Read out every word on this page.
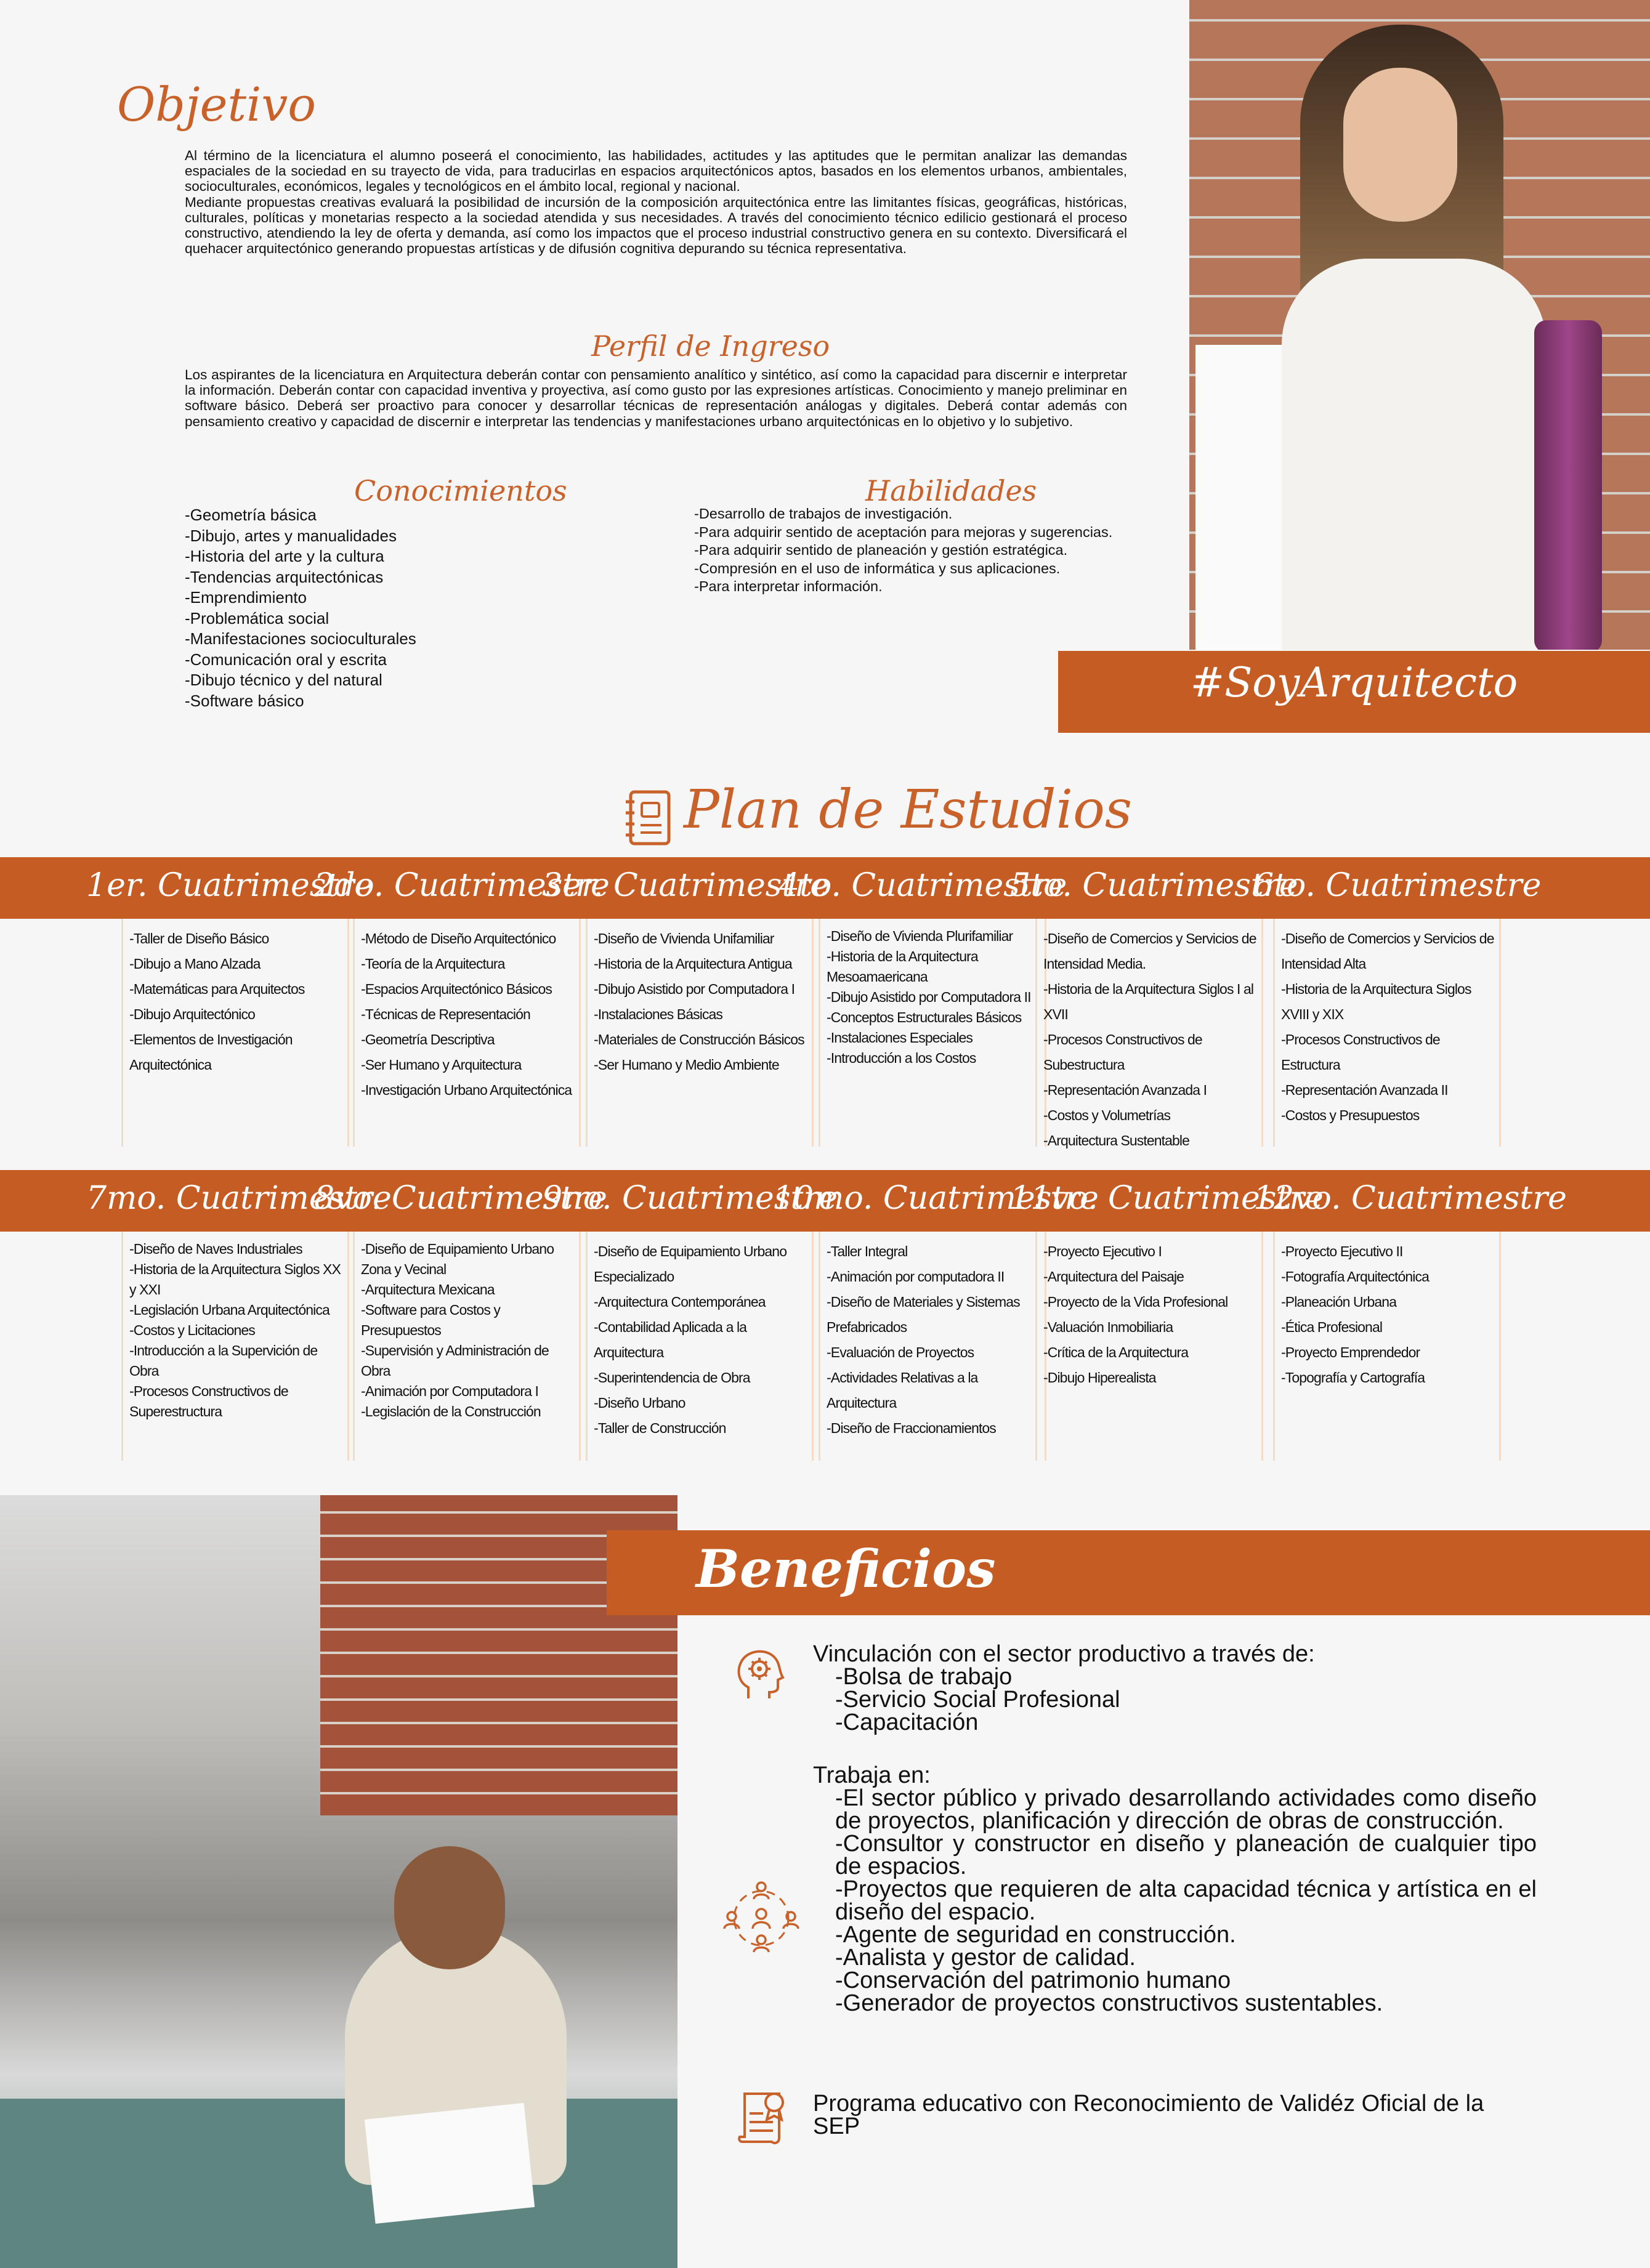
Objetivo

Al término de la licenciatura el alumno poseerá el conocimiento, las habilidades, actitudes y las aptitudes que le permitan analizar las demandas espaciales de la sociedad en su trayecto de vida, para traducirlas en espacios arquitectónicos aptos, basados en los elementos urbanos, ambientales, socioculturales, económicos, legales y tecnológicos en el ámbito local, regional y nacional.

Mediante propuestas creativas evaluará la posibilidad de incursión de la composición arquitectónica entre las limitantes físicas, geográficas, históricas, culturales, políticas y monetarias respecto a la sociedad atendida y sus necesidades. A través del conocimiento técnico edilicio gestionará el proceso constructivo, atendiendo la ley de oferta y demanda, así como los impactos que el proceso industrial constructivo genera en su contexto. Diversificará el quehacer arquitectónico generando propuestas artísticas y de difusión cognitiva depurando su técnica representativa.

Perfil de Ingreso

Los aspirantes de la licenciatura en Arquitectura deberán contar con pensamiento analítico y sintético, así como la capacidad para discernir e interpretar la información. Deberán contar con capacidad inventiva y proyectiva, así como gusto por las expresiones artísticas. Conocimiento y manejo preliminar en software básico. Deberá ser proactivo para conocer y desarrollar técnicas de representación análogas y digitales. Deberá contar además con pensamiento creativo y capacidad de discernir e interpretar las tendencias y manifestaciones urbano arquitectónicas en lo objetivo y lo subjetivo.

Conocimientos
-Geometría básica
-Dibujo, artes y manualidades
-Historia del arte y la cultura
-Tendencias arquitectónicas
-Emprendimiento
-Problemática social
-Manifestaciones socioculturales
-Comunicación oral y escrita
-Dibujo técnico y del natural
-Software básico
Habilidades
-Desarrollo de trabajos de investigación.
-Para adquirir sentido de aceptación para mejoras y sugerencias.
-Para adquirir sentido de planeación y gestión estratégica.
-Compresión en el uso de informática y sus aplicaciones.
-Para interpretar información.

#SoyArquitecto

Plan de Estudios

1er. Cuatrimestre

2do. Cuatrimestre

3er. Cuatrimestre

4to. Cuatrimestre

5to. Cuatrimestre

6to. Cuatrimestre

-Taller de Diseño Básico
-Dibujo a Mano Alzada
-Matemáticas para Arquitectos
-Dibujo Arquitectónico
-Elementos de Investigación Arquitectónica
-Método de Diseño Arquitectónico
-Teoría de la Arquitectura
-Espacios Arquitectónico Básicos
-Técnicas de Representación
-Geometría Descriptiva
-Ser Humano y Arquitectura
-Investigación Urbano Arquitectónica
-Diseño de Vivienda Unifamiliar
-Historia de la Arquitectura Antigua
-Dibujo Asistido por Computadora I
-Instalaciones Básicas
-Materiales de Construcción Básicos
-Ser Humano y Medio Ambiente
-Diseño de Vivienda Plurifamiliar
-Historia de la Arquitectura Mesoamaericana
-Dibujo Asistido por Computadora II
-Conceptos Estructurales Básicos
-Instalaciones Especiales
-Introducción a los Costos
-Diseño de Comercios y Servicios de Intensidad Media.
-Historia de la Arquitectura Siglos I al XVII
-Procesos Constructivos de Subestructura
-Representación Avanzada I
-Costos y Volumetrías
-Arquitectura Sustentable
-Diseño de Comercios y Servicios de Intensidad Alta
-Historia de la Arquitectura Siglos XVIII y XIX
-Procesos Constructivos de Estructura
-Representación Avanzada II
-Costos y Presupuestos

7mo. Cuatrimestre

8vo. Cuatrimestre

9no. Cuatrimestre

10mo. Cuatrimestre

11vo. Cuatrimestre

12vo. Cuatrimestre

-Diseño de Naves Industriales
-Historia de la Arquitectura Siglos XX y XXI
-Legislación Urbana Arquitectónica
-Costos y Licitaciones
-Introducción a la Supervición de Obra
-Procesos Constructivos de Superestructura
-Diseño de Equipamiento Urbano Zona y Vecinal
-Arquitectura Mexicana
-Software para Costos y Presupuestos
-Supervisión y Administración de Obra
-Animación por Computadora I
-Legislación de la Construcción
-Diseño de Equipamiento Urbano Especializado
-Arquitectura Contemporánea
-Contabilidad Aplicada a la Arquitectura
-Superintendencia de Obra
-Diseño Urbano
-Taller de Construcción
-Taller Integral
-Animación por computadora II
-Diseño de Materiales y Sistemas Prefabricados
-Evaluación de Proyectos
-Actividades Relativas a la Arquitectura
-Diseño de Fraccionamientos
-Proyecto Ejecutivo I
-Arquitectura del Paisaje
-Proyecto de la Vida Profesional
-Valuación Inmobiliaria
-Crítica de la Arquitectura
-Dibujo Hiperealista
-Proyecto Ejecutivo II
-Fotografía Arquitectónica
-Planeación Urbana
-Ética Profesional
-Proyecto Emprendedor
-Topografía y Cartografía
Beneficios
Vinculación con el sector productivo a través de:
-Bolsa de trabajo
-Servicio Social Profesional
-Capacitación
Trabaja en:
-El sector público y privado desarrollando actividades como diseño de proyectos, planificación y dirección de obras de construcción.
-Consultor y constructor en diseño y planeación de cualquier tipo de espacios.
-Proyectos que requieren de alta capacidad técnica y artística en el diseño del espacio.
-Agente de seguridad en construcción.
-Analista y gestor de calidad.
-Conservación del patrimonio humano
-Generador de proyectos constructivos sustentables.
Programa educativo con Reconocimiento de Validéz Oficial de la SEP
